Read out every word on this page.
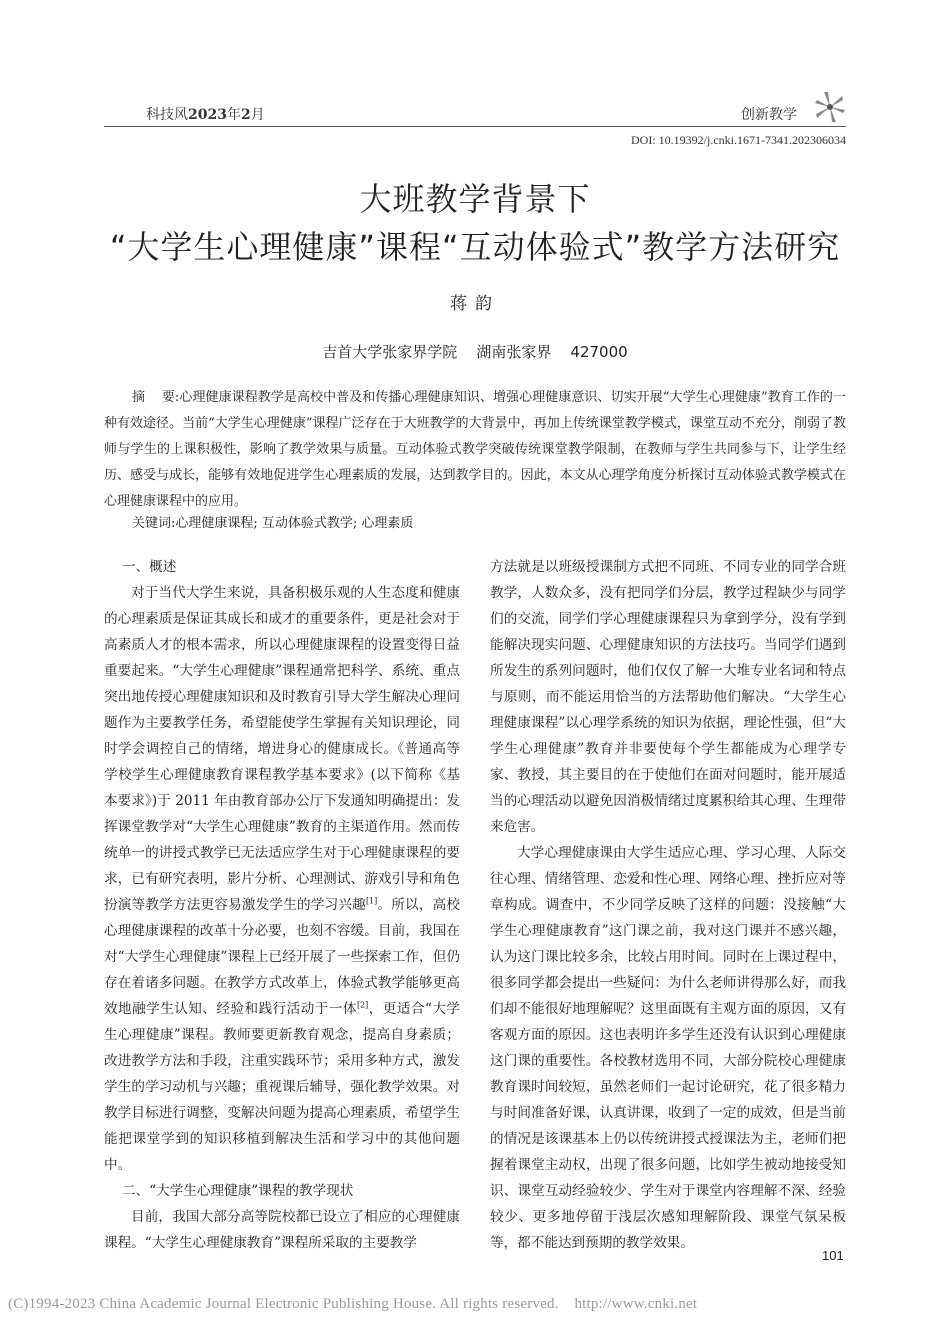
科技风2023年2月	创新教学
DOI: 10.19392/j.cnki.1671-7341.202306034
大班教学背景下
“大学生心理健康”课程“互动体验式”教学方法研究
蒋韵
吉首大学张家界学院    湖南张家界    427000
摘    要:心理健康课程教学是高校中普及和传播心理健康知识、增强心理健康意识、切实开展“大学生心理健康”教育工作的一种有效途径。当前“大学生心理健康”课程广泛存在于大班教学的大背景中，再加上传统课堂教学模式，课堂互动不充分，削弱了教师与学生的上课积极性，影响了教学效果与质量。互动体验式教学突破传统课堂教学限制，在教师与学生共同参与下，让学生经历、感受与成长，能够有效地促进学生心理素质的发展，达到教学目的。因此，本文从心理学角度分析探讨互动体验式教学模式在心理健康课程中的应用。
关键词:心理健康课程; 互动体验式教学; 心理素质
一、概述

对于当代大学生来说，具备积极乐观的人生态度和健康的心理素质是保证其成长和成才的重要条件，更是社会对于高素质人才的根本需求，所以心理健康课程的设置变得日益重要起来。“大学生心理健康”课程通常把科学、系统、重点突出地传授心理健康知识和及时教育引导大学生解决心理问题作为主要教学任务，希望能使学生掌握有关知识理论，同时学会调控自己的情绪，增进身心的健康成长。《普通高等学校学生心理健康教育课程教学基本要求》(以下简称《基本要求》)于 2011 年由教育部办公厅下发通知明确提出：发挥课堂教学对“大学生心理健康”教育的主渠道作用。然而传统单一的讲授式教学已无法适应学生对于心理健康课程的要求，已有研究表明，影片分析、心理测试、游戏引导和角色扮演等教学方法更容易激发学生的学习兴趣[1]。所以，高校心理健康课程的改革十分必要，也刻不容缓。目前，我国在对“大学生心理健康”课程上已经开展了一些探索工作，但仍存在着诸多问题。在教学方式改革上，体验式教学能够更高效地融学生认知、经验和践行活动于一体[2]，更适合“大学生心理健康”课程。教师要更新教育观念，提高自身素质；改进教学方法和手段，注重实践环节；采用多种方式，激发学生的学习动机与兴趣；重视课后辅导，强化教学效果。对教学目标进行调整，变解决问题为提高心理素质，希望学生能把课堂学到的知识移植到解决生活和学习中的其他问题中。

二、“大学生心理健康”课程的教学现状

目前，我国大部分高等院校都已设立了相应的心理健康课程。“大学生心理健康教育”课程所采取的主要教学

方法就是以班级授课制方式把不同班、不同专业的同学合班教学，人数众多，没有把同学们分层，教学过程缺少与同学们的交流，同学们学心理健康课程只为拿到学分，没有学到能解决现实问题、心理健康知识的方法技巧。当同学们遇到所发生的系列问题时，他们仅仅了解一大堆专业名词和特点与原则，而不能运用恰当的方法帮助他们解决。“大学生心理健康课程”以心理学系统的知识为依据，理论性强，但“大学生心理健康”教育并非要使每个学生都能成为心理学专家、教授，其主要目的在于使他们在面对问题时，能开展适当的心理活动以避免因消极情绪过度累积给其心理、生理带来危害。

大学心理健康课由大学生适应心理、学习心理、人际交往心理、情绪管理、恋爱和性心理、网络心理、挫折应对等章构成。调查中，不少同学反映了这样的问题：没接触“大学生心理健康教育”这门课之前，我对这门课并不感兴趣，认为这门课比较多余，比较占用时间。同时在上课过程中，很多同学都会提出一些疑问：为什么老师讲得那么好，而我们却不能很好地理解呢？这里面既有主观方面的原因，又有客观方面的原因。这也表明许多学生还没有认识到心理健康这门课的重要性。各校教材选用不同，大部分院校心理健康教育课时间较短，虽然老师们一起讨论研究，花了很多精力与时间准备好课，认真讲课，收到了一定的成效，但是当前的情况是该课基本上仍以传统讲授式授课法为主，老师们把握着课堂主动权，出现了很多问题，比如学生被动地接受知识、课堂互动经验较少、学生对于课堂内容理解不深、经验较少、更多地停留于浅层次感知理解阶段、课堂气氛呆板等，都不能达到预期的教学效果。

101
(C)1994-2023 China Academic Journal Electronic Publishing House. All rights reserved.    http://www.cnki.net
